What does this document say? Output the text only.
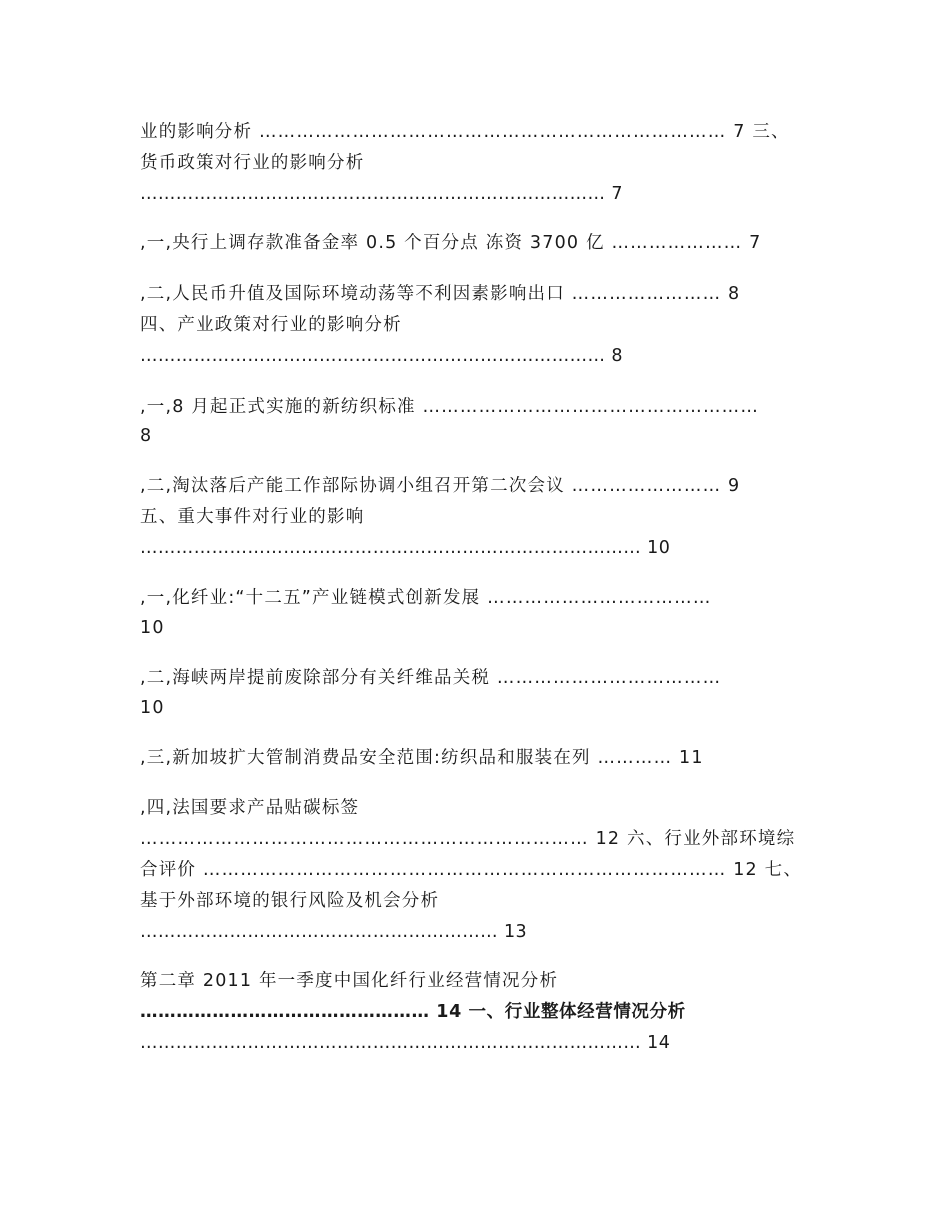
业的影响分析 ………………………………………………………………… 7 三、
货币政策对行业的影响分析
…………………………………………………………………… 7
,一,央行上调存款准备金率 0.5 个百分点 冻资 3700 亿 ………………… 7
,二,人民币升值及国际环境动荡等不利因素影响出口 …………………… 8
四、产业政策对行业的影响分析
…………………………………………………………………… 8
,一,8 月起正式实施的新纺织标准 ………………………………………………
8
,二,淘汰落后产能工作部际协调小组召开第二次会议 …………………… 9
五、重大事件对行业的影响
………………………………………………………………………… 10
,一,化纤业:“十二五”产业链模式创新发展 ………………………………
10
,二,海峡两岸提前废除部分有关纤维品关税 ………………………………
10
,三,新加坡扩大管制消费品安全范围:纺织品和服装在列 ………… 11
,四,法国要求产品贴碳标签
……………………………………………………………… 12 六、行业外部环境综
合评价 ………………………………………………………………………… 12 七、
基于外部环境的银行风险及机会分析
…………………………………………………… 13
第二章 2011 年一季度中国化纤行业经营情况分析
………………………………………… 14 一、行业整体经营情况分析
………………………………………………………………………… 14
